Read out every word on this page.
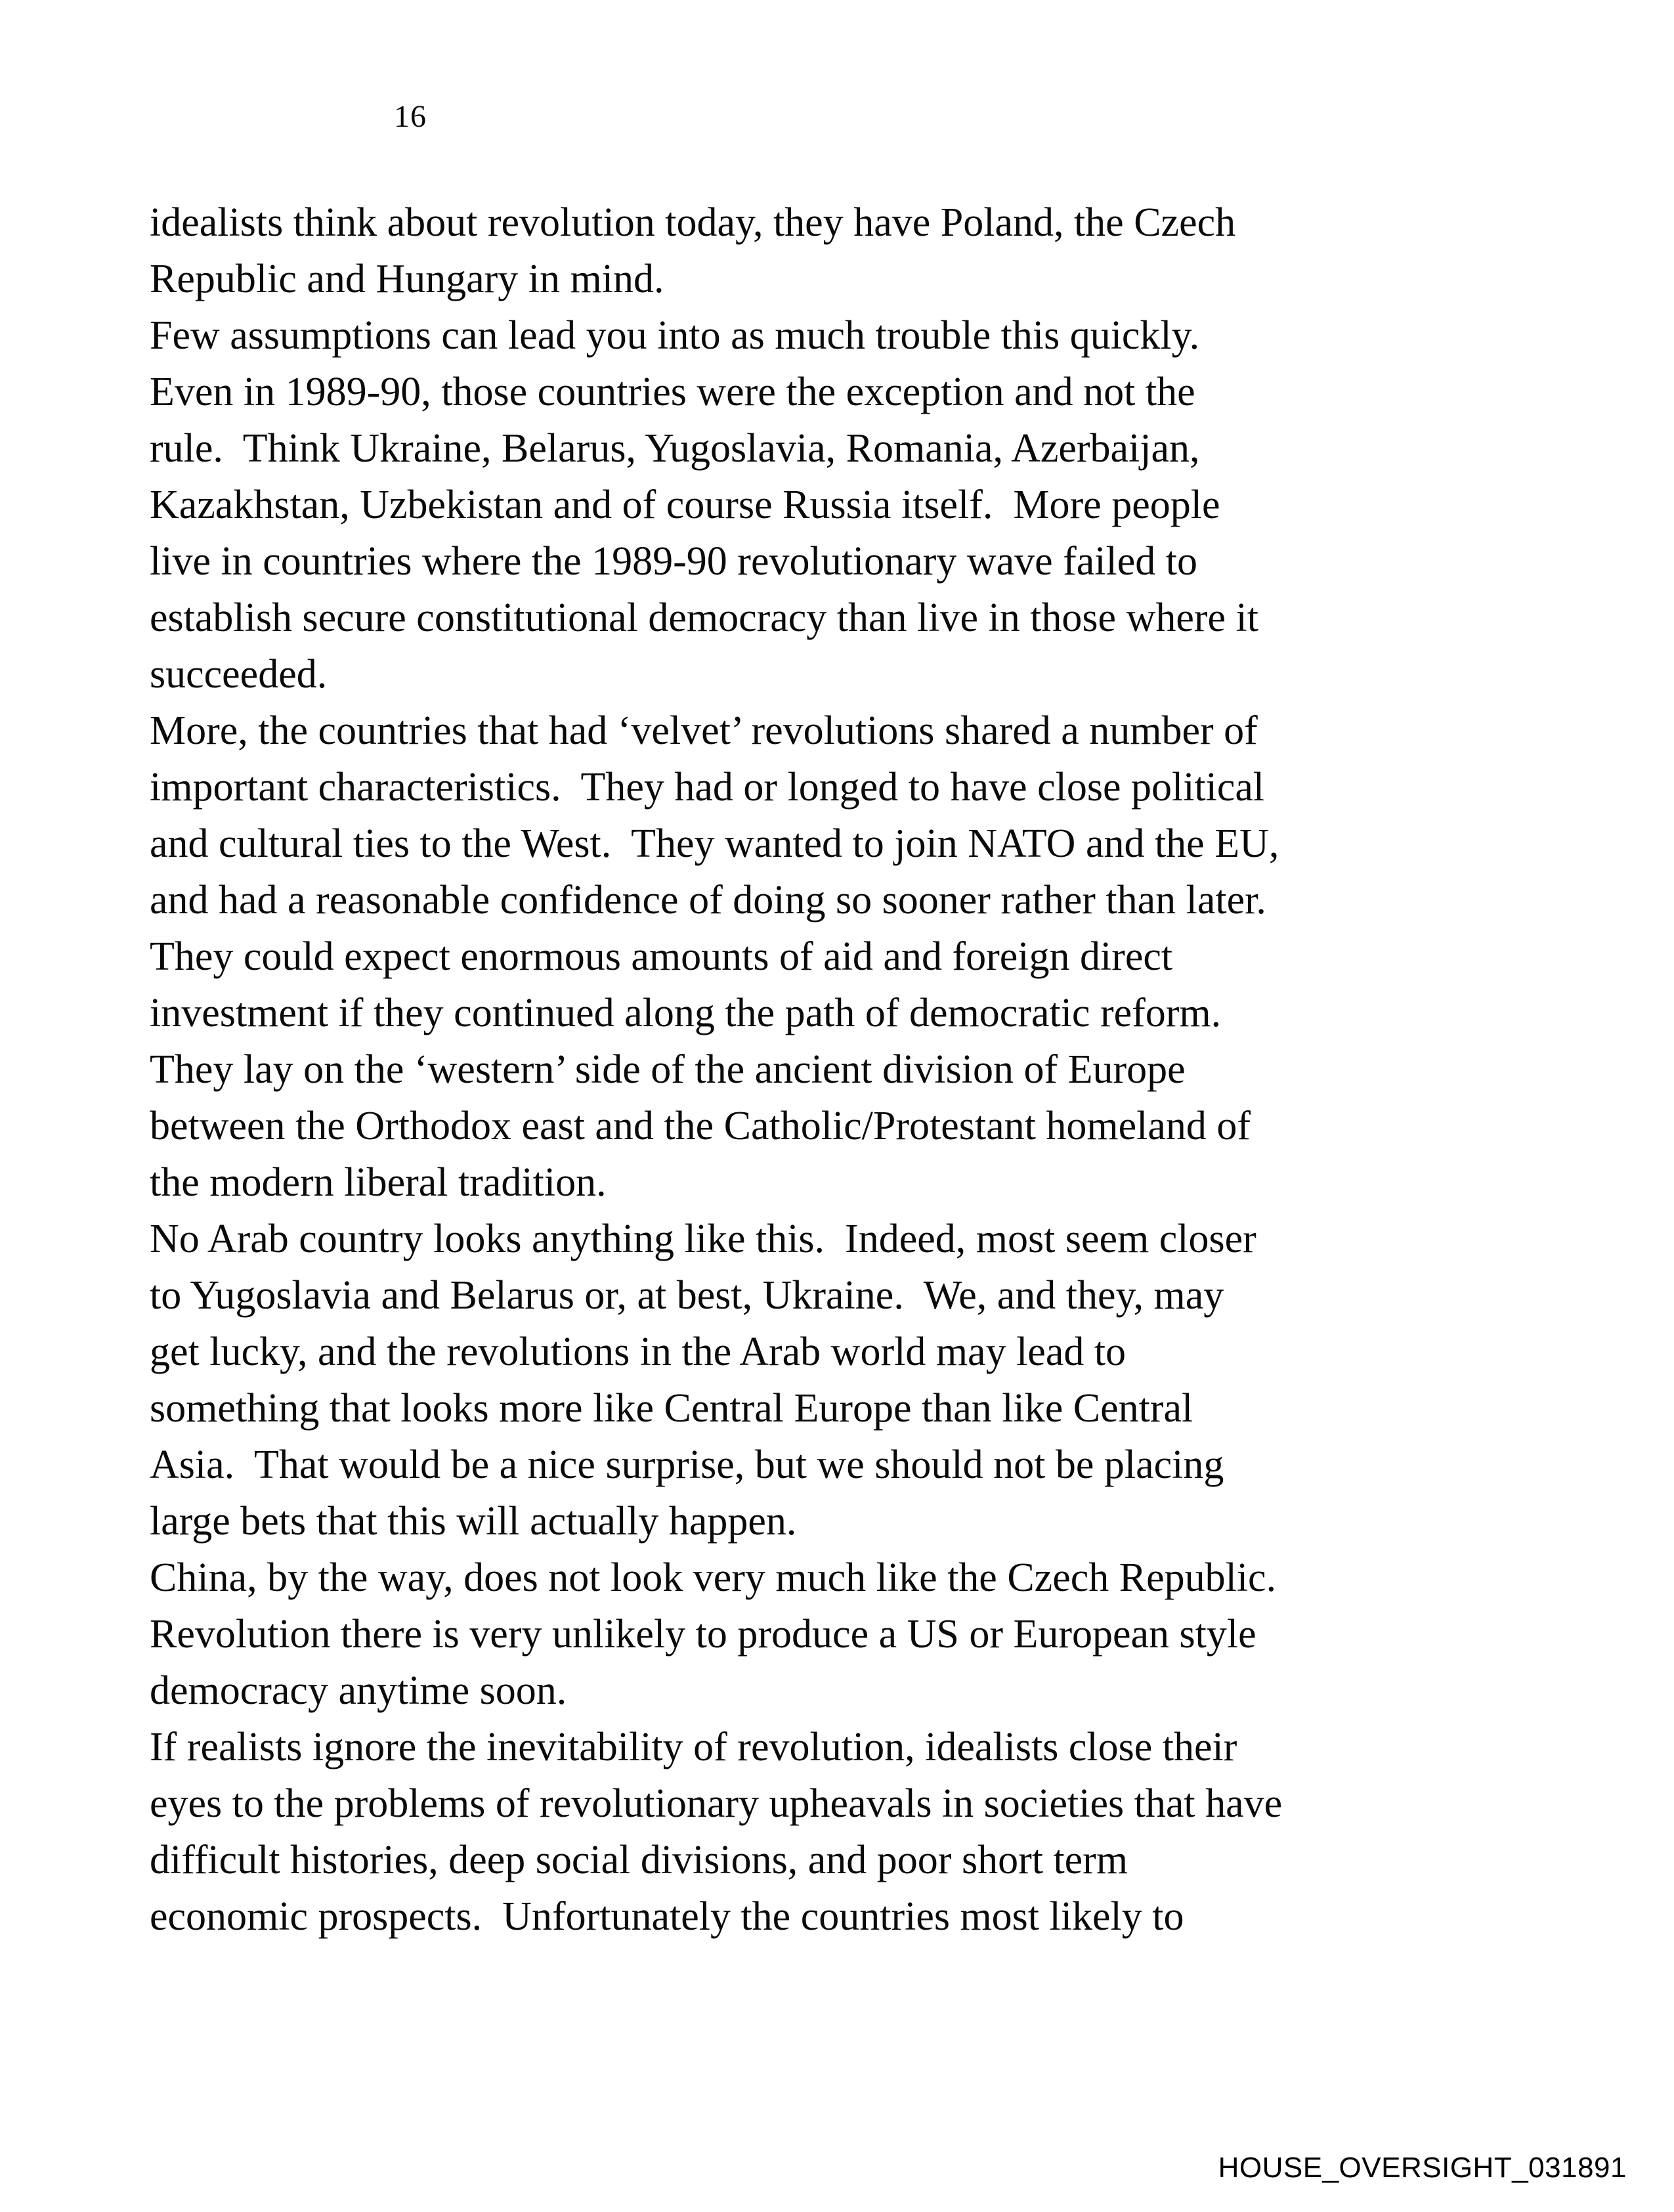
16
idealists think about revolution today, they have Poland, the Czech
Republic and Hungary in mind.
Few assumptions can lead you into as much trouble this quickly.
Even in 1989-90, those countries were the exception and not the
rule.  Think Ukraine, Belarus, Yugoslavia, Romania, Azerbaijan,
Kazakhstan, Uzbekistan and of course Russia itself.  More people
live in countries where the 1989-90 revolutionary wave failed to
establish secure constitutional democracy than live in those where it
succeeded.
More, the countries that had ‘velvet’ revolutions shared a number of
important characteristics.  They had or longed to have close political
and cultural ties to the West.  They wanted to join NATO and the EU,
and had a reasonable confidence of doing so sooner rather than later.
They could expect enormous amounts of aid and foreign direct
investment if they continued along the path of democratic reform.
They lay on the ‘western’ side of the ancient division of Europe
between the Orthodox east and the Catholic/Protestant homeland of
the modern liberal tradition.
No Arab country looks anything like this.  Indeed, most seem closer
to Yugoslavia and Belarus or, at best, Ukraine.  We, and they, may
get lucky, and the revolutions in the Arab world may lead to
something that looks more like Central Europe than like Central
Asia.  That would be a nice surprise, but we should not be placing
large bets that this will actually happen.
China, by the way, does not look very much like the Czech Republic.
Revolution there is very unlikely to produce a US or European style
democracy anytime soon.
If realists ignore the inevitability of revolution, idealists close their
eyes to the problems of revolutionary upheavals in societies that have
difficult histories, deep social divisions, and poor short term
economic prospects.  Unfortunately the countries most likely to
HOUSE_OVERSIGHT_031891
